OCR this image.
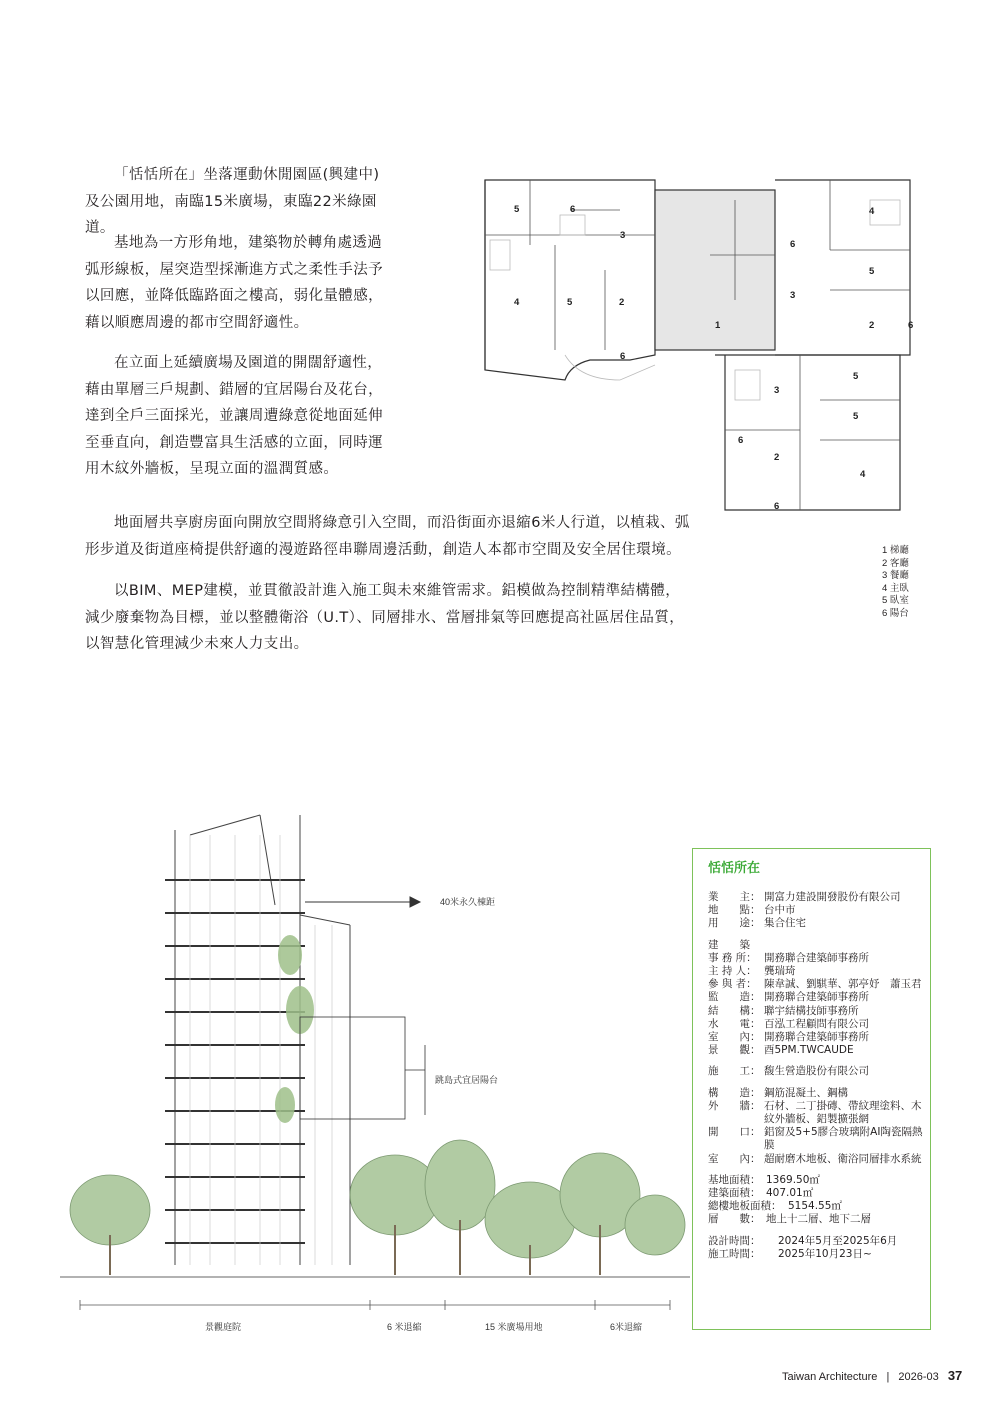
「恬恬所在」坐落運動休閒園區(興建中)及公園用地，南臨15米廣場，東臨22米綠園道。

基地為一方形角地，建築物於轉角處透過弧形線板，屋突造型採漸進方式之柔性手法予以回應，並降低臨路面之樓高，弱化量體感，藉以順應周邊的都市空間舒適性。

在立面上延續廣場及園道的開闊舒適性，藉由單層三戶規劃、錯層的宜居陽台及花台，達到全戶三面採光，並讓周遭綠意從地面延伸至垂直向，創造豐富具生活感的立面，同時運用木紋外牆板，呈現立面的溫潤質感。

地面層共享廚房面向開放空間將綠意引入空間，而沿街面亦退縮6米人行道，以植栽、弧形步道及街道座椅提供舒適的漫遊路徑串聯周邊活動，創造人本都市空間及安全居住環境。

以BIM、MEP建模，並貫徹設計進入施工與未來維管需求。鋁模做為控制精準結構體，減少廢棄物為目標，並以整體衛浴（U.T）、同層排水、當層排氣等回應提高社區居住品質，以智慧化管理減少未來人力支出。

5	6
3
4	5	2
6
1
6
3
4
5
2	6
3
6
2
6
5
5
4
1 梯廳
2 客廳
3 餐廳
4 主臥
5 臥室
6 陽台
40米永久棟距
跳島式宜居陽台
景觀庭院	6 米退縮	15 米廣場用地	6米退縮
恬恬所在
業　　主： 開富力建設開發股份有限公司
地　　點： 台中市
用　　途： 集合住宅
建　　築
事 務 所： 開務聯合建築師事務所
主 持 人： 龔瑞琦
參 與 者： 陳韋誠、劉騏華、郭亭妤　蕭玉君
監　　造： 開務聯合建築師事務所
結　　構： 聯宇結構技師事務所
水　　電： 百泓工程顧問有限公司
室　　內： 開務聯合建築師事務所
景　　觀： 酉5PM.TWCAUDE
施　　工： 馥生營造股份有限公司
構　　造： 鋼筋混凝土、鋼構
外　　牆： 石材、二丁掛磚、帶紋理塗料、木紋外牆板、鋁製擴張網
開　　口： 鋁窗及5+5膠合玻璃附AI陶瓷隔熱膜
室　　內： 超耐磨木地板、衛浴同層排水系統
基地面積： 1369.50㎡
建築面積： 407.01㎡
總樓地板面積： 5154.55㎡
層　　數： 地上十二層、地下二層
設計時間：	2024年5月至2025年6月
施工時間：	2025年10月23日~
Taiwan Architecture | 2026-03 37
